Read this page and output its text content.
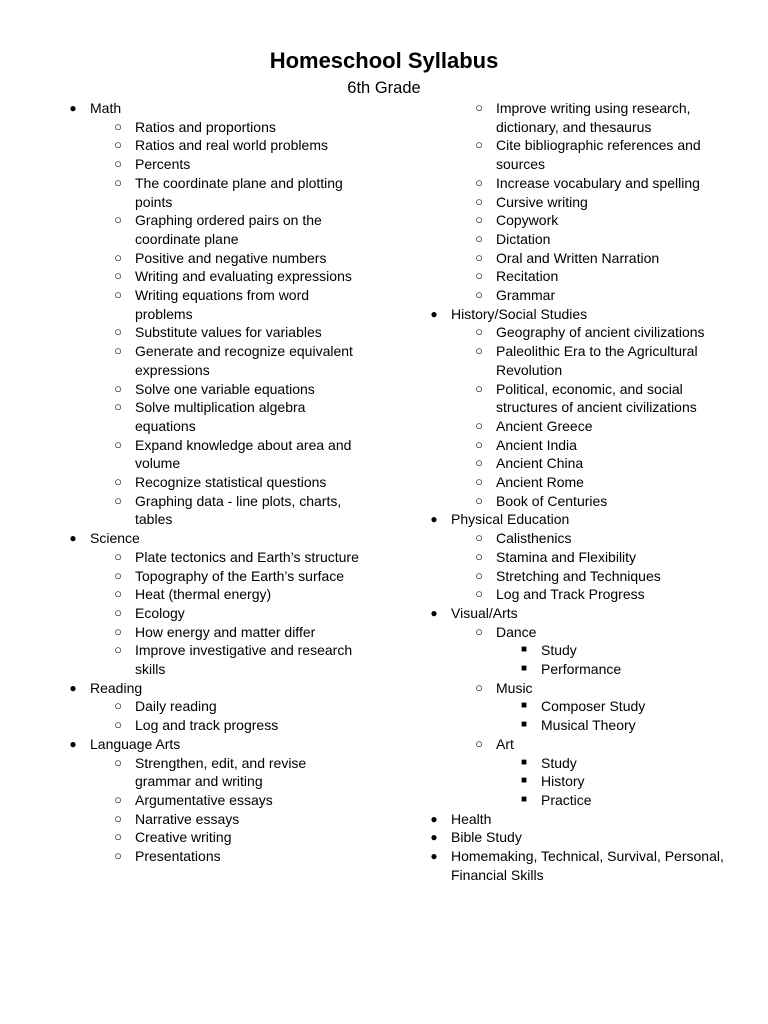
Homeschool Syllabus
6th Grade
● Math
○ Ratios and proportions
○ Ratios and real world problems
○ Percents
○ The coordinate plane and plotting
points
○ Graphing ordered pairs on the
coordinate plane
○ Positive and negative numbers
○ Writing and evaluating expressions
○ Writing equations from word
problems
○ Substitute values for variables
○ Generate and recognize equivalent
expressions
○ Solve one variable equations
○ Solve multiplication algebra
equations
○ Expand knowledge about area and
volume
○ Recognize statistical questions
○ Graphing data - line plots, charts,
tables
● Science
○ Plate tectonics and Earth’s structure
○ Topography of the Earth’s surface
○ Heat (thermal energy)
○ Ecology
○ How energy and matter differ
○ Improve investigative and research
skills
● Reading
○ Daily reading
○ Log and track progress
● Language Arts
○ Strengthen, edit, and revise
grammar and writing
○ Argumentative essays
○ Narrative essays
○ Creative writing
○ Presentations
○ Improve writing using research,
dictionary, and thesaurus
○ Cite bibliographic references and
sources
○ Increase vocabulary and spelling
○ Cursive writing
○ Copywork
○ Dictation
○ Oral and Written Narration
○ Recitation
○ Grammar
● History/Social Studies
○ Geography of ancient civilizations
○ Paleolithic Era to the Agricultural
Revolution
○ Political, economic, and social
structures of ancient civilizations
○ Ancient Greece
○ Ancient India
○ Ancient China
○ Ancient Rome
○ Book of Centuries
● Physical Education
○ Calisthenics
○ Stamina and Flexibility
○ Stretching and Techniques
○ Log and Track Progress
● Visual/Arts
○ Dance
■ Study
■ Performance
○ Music
■ Composer Study
■ Musical Theory
○ Art
■ Study
■ History
■ Practice
● Health
● Bible Study
● Homemaking, Technical, Survival, Personal,
Financial Skills
